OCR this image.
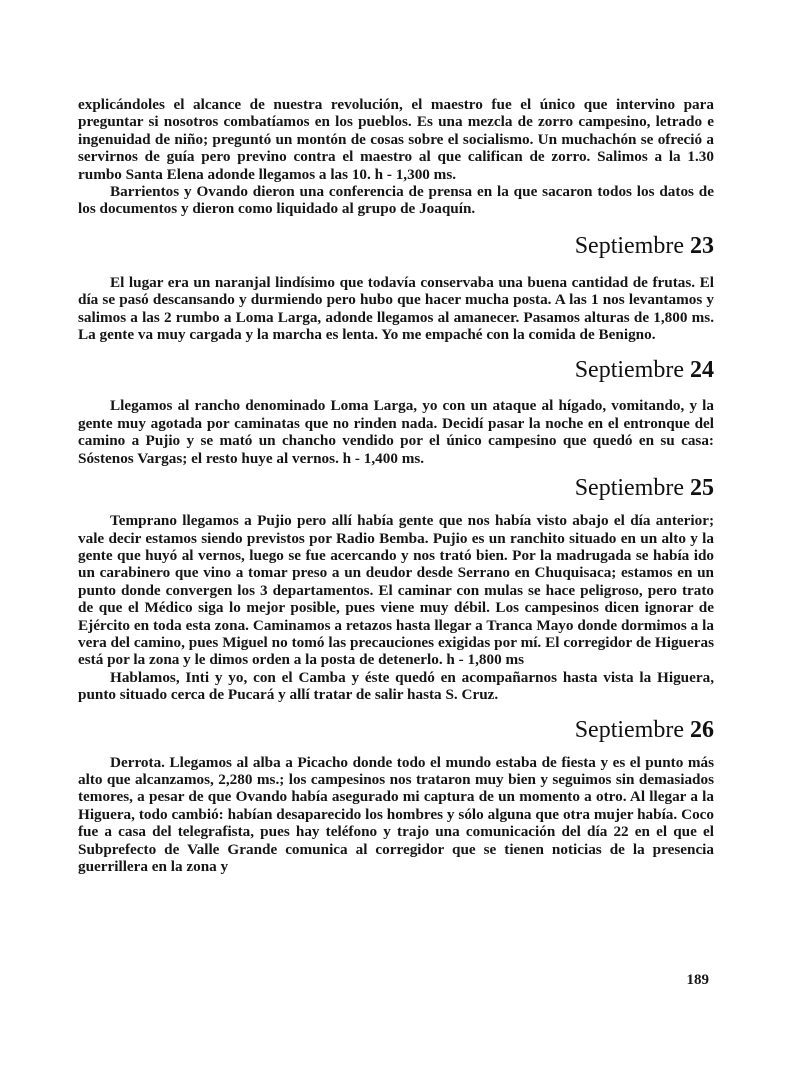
explicándoles el alcance de nuestra revolución, el maestro fue el único que intervino para preguntar si nosotros combatíamos en los pueblos. Es una mezcla de zorro campesino, letrado e ingenuidad de niño; preguntó un montón de cosas sobre el socialismo. Un muchachón se ofreció a servirnos de guía pero previno contra el maestro al que califican de zorro. Salimos a la 1.30 rumbo Santa Elena adonde llegamos a las 10. h - 1,300 ms.

Barrientos y Ovando dieron una conferencia de prensa en la que sacaron todos los datos de los documentos y dieron como liquidado al grupo de Joaquín.

Septiembre 23

El lugar era un naranjal lindísimo que todavía conservaba una buena cantidad de frutas. El día se pasó descansando y durmiendo pero hubo que hacer mucha posta. A las 1 nos levantamos y salimos a las 2 rumbo a Loma Larga, adonde llegamos al amanecer. Pasamos alturas de 1,800 ms. La gente va muy cargada y la marcha es lenta. Yo me empaché con la comida de Benigno.

Septiembre 24

Llegamos al rancho denominado Loma Larga, yo con un ataque al hígado, vomitando, y la gente muy agotada por caminatas que no rinden nada. Decidí pasar la noche en el entronque del camino a Pujio y se mató un chancho vendido por el único campesino que quedó en su casa: Sóstenos Vargas; el resto huye al vernos. h - 1,400 ms.

Septiembre 25

Temprano llegamos a Pujio pero allí había gente que nos había visto abajo el día anterior; vale decir estamos siendo previstos por Radio Bemba. Pujio es un ranchito situado en un alto y la gente que huyó al vernos, luego se fue acercando y nos trató bien. Por la madrugada se había ido un carabinero que vino a tomar preso a un deudor desde Serrano en Chuquisaca; estamos en un punto donde convergen los 3 departamentos. El caminar con mulas se hace peligroso, pero trato de que el Médico siga lo mejor posible, pues viene muy débil. Los campesinos dicen ignorar de Ejército en toda esta zona. Caminamos a retazos hasta llegar a Tranca Mayo donde dormimos a la vera del camino, pues Miguel no tomó las precauciones exigidas por mí. El corregidor de Higueras está por la zona y le dimos orden a la posta de detenerlo. h - 1,800 ms

Hablamos, Inti y yo, con el Camba y éste quedó en acompañarnos hasta vista la Higuera, punto situado cerca de Pucará y allí tratar de salir hasta S. Cruz.

Septiembre 26

Derrota. Llegamos al alba a Picacho donde todo el mundo estaba de fiesta y es el punto más alto que alcanzamos, 2,280 ms.; los campesinos nos trataron muy bien y seguimos sin demasiados temores, a pesar de que Ovando había asegurado mi captura de un momento a otro. Al llegar a la Higuera, todo cambió: habían desaparecido los hombres y sólo alguna que otra mujer había. Coco fue a casa del telegrafista, pues hay teléfono y trajo una comunicación del día 22 en el que el Subprefecto de Valle Grande comunica al corregidor que se tienen noticias de la presencia guerrillera en la zona y

189
